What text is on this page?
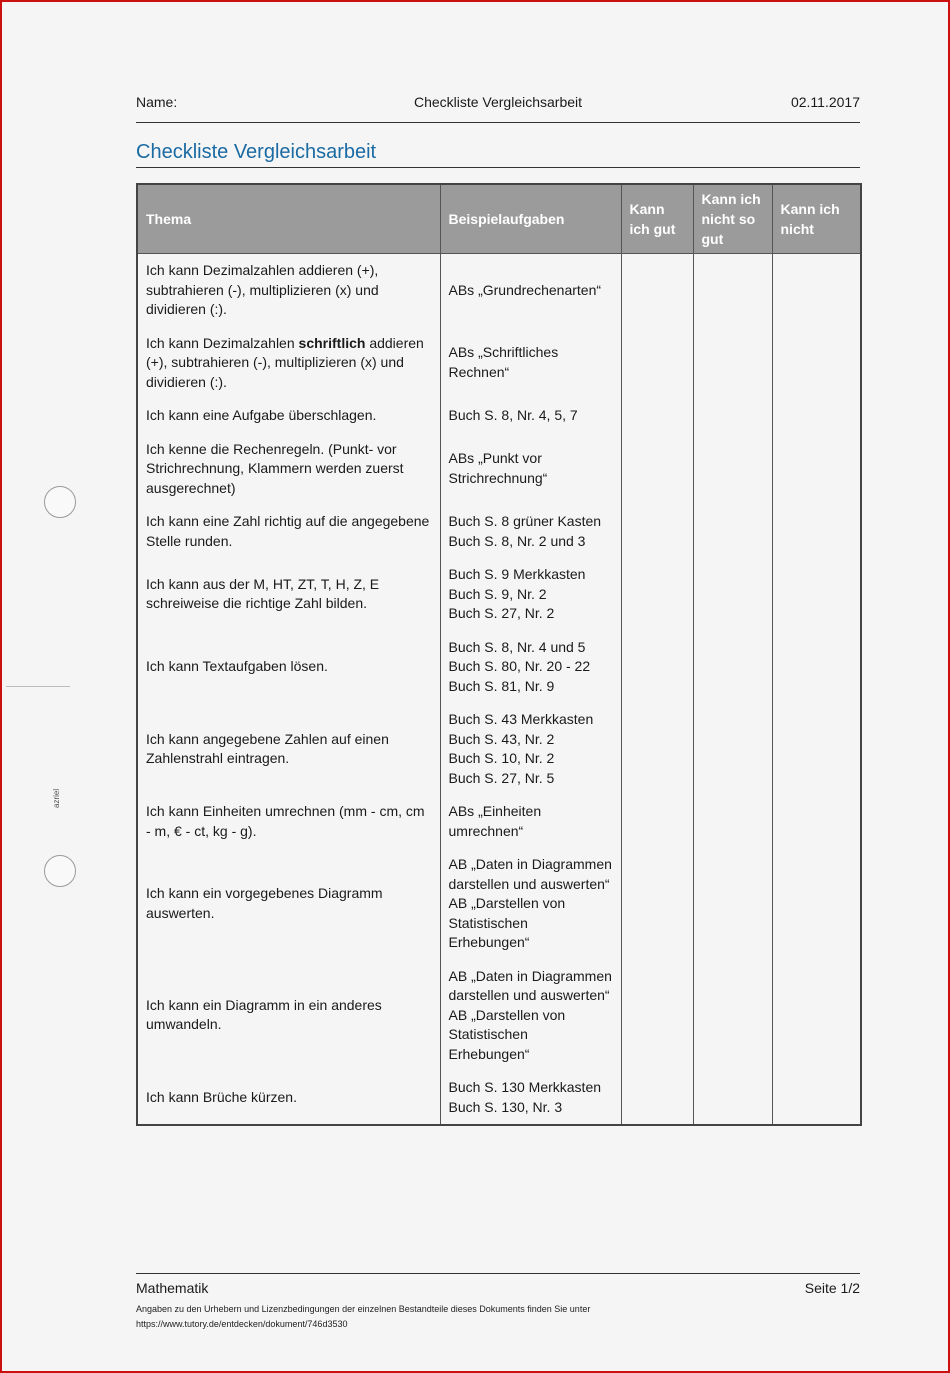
azriel
Name:	Checkliste Vergleichsarbeit	02.11.2017
Checkliste Vergleichsarbeit
Thema	Beispielaufgaben	Kann ich gut	Kann ich nicht so gut	Kann ich nicht
Ich kann Dezimalzahlen addieren (+), subtrahieren (-), multiplizieren (x) und dividieren (:).	ABs „Grundrechenarten“			

Ich kann Dezimalzahlen schriftlich addieren (+), subtrahieren (-), multiplizieren (x) und dividieren (:).	ABs „Schriftliches Rechnen“			

Ich kann eine Aufgabe überschlagen.	Buch S. 8, Nr. 4, 5, 7			

Ich kenne die Rechenregeln. (Punkt- vor Strichrechnung, Klammern werden zuerst ausgerechnet)	ABs „Punkt vor Strichrechnung“			

Ich kann eine Zahl richtig auf die angegebene Stelle runden.	Buch S. 8 grüner Kasten
Buch S. 8, Nr. 2 und 3			

Ich kann aus der M, HT, ZT, T, H, Z, E schreiweise die richtige Zahl bilden.	Buch S. 9 Merkkasten
Buch S. 9, Nr. 2
Buch S. 27, Nr. 2			

Ich kann Textaufgaben lösen.	Buch S. 8, Nr. 4 und 5
Buch S. 80, Nr. 20 - 22
Buch S. 81, Nr. 9			

Ich kann angegebene Zahlen auf einen Zahlenstrahl eintragen.	Buch S. 43 Merkkasten
Buch S. 43, Nr. 2
Buch S. 10, Nr. 2
Buch S. 27, Nr. 5			

Ich kann Einheiten umrechnen (mm - cm, cm - m, € - ct, kg - g).	ABs „Einheiten umrechnen“			

Ich kann ein vorgegebenes Diagramm auswerten.	AB „Daten in Diagrammen darstellen und auswerten“
AB „Darstellen von Statistischen Erhebungen“			

Ich kann ein Diagramm in ein anderes umwandeln.	AB „Daten in Diagrammen darstellen und auswerten“
AB „Darstellen von Statistischen Erhebungen“			

Ich kann Brüche kürzen.	Buch S. 130 Merkkasten
Buch S. 130, Nr. 3			

Mathematik	Seite 1/2
Angaben zu den Urhebern und Lizenzbedingungen der einzelnen Bestandteile dieses Dokuments finden Sie unter
https://www.tutory.de/entdecken/dokument/746d3530
